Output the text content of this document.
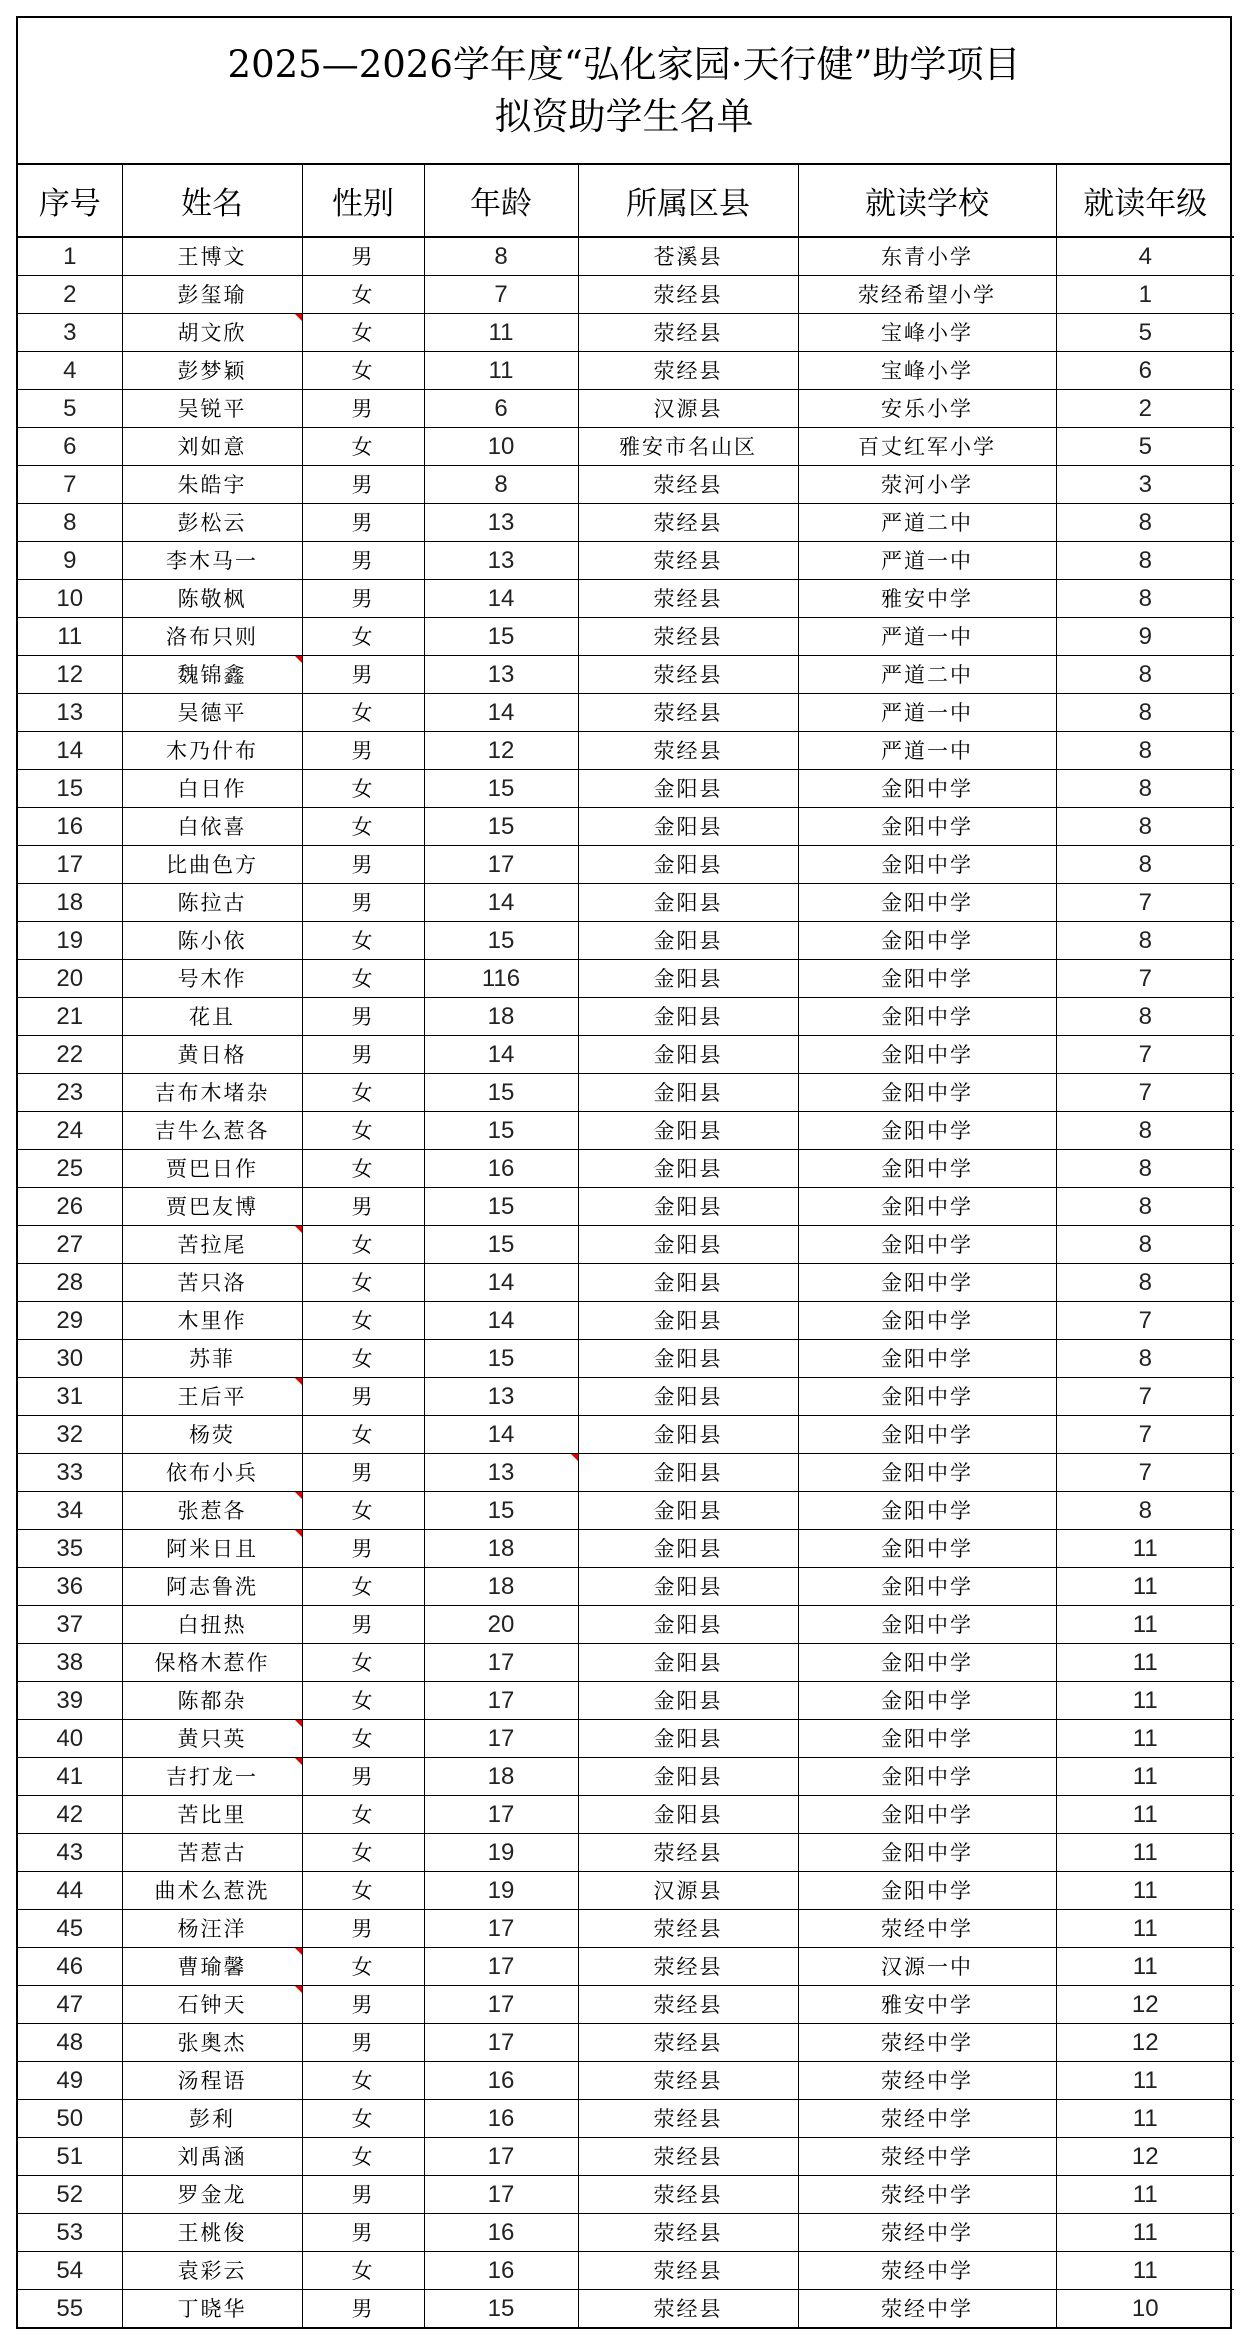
2025—2026学年度“弘化家园·天行健”助学项目
拟资助学生名单
序号	姓名	性别	年龄	所属区县	就读学校	就读年级
1	王博文	男	8	苍溪县	东青小学	4
2	彭玺瑜	女	7	荥经县	荥经希望小学	1
3	胡文欣	女	11	荥经县	宝峰小学	5
4	彭梦颖	女	11	荥经县	宝峰小学	6
5	吴锐平	男	6	汉源县	安乐小学	2
6	刘如意	女	10	雅安市名山区	百丈红军小学	5
7	朱皓宇	男	8	荥经县	荥河小学	3
8	彭松云	男	13	荥经县	严道二中	8
9	李木马一	男	13	荥经县	严道一中	8
10	陈敬枫	男	14	荥经县	雅安中学	8
11	洛布只则	女	15	荥经县	严道一中	9
12	魏锦鑫	男	13	荥经县	严道二中	8
13	吴德平	女	14	荥经县	严道一中	8
14	木乃什布	男	12	荥经县	严道一中	8
15	白日作	女	15	金阳县	金阳中学	8
16	白依喜	女	15	金阳县	金阳中学	8
17	比曲色方	男	17	金阳县	金阳中学	8
18	陈拉古	男	14	金阳县	金阳中学	7
19	陈小依	女	15	金阳县	金阳中学	8
20	号木作	女	116	金阳县	金阳中学	7
21	花且	男	18	金阳县	金阳中学	8
22	黄日格	男	14	金阳县	金阳中学	7
23	吉布木堵杂	女	15	金阳县	金阳中学	7
24	吉牛么惹各	女	15	金阳县	金阳中学	8
25	贾巴日作	女	16	金阳县	金阳中学	8
26	贾巴友博	男	15	金阳县	金阳中学	8
27	苦拉尾	女	15	金阳县	金阳中学	8
28	苦只洛	女	14	金阳县	金阳中学	8
29	木里作	女	14	金阳县	金阳中学	7
30	苏菲	女	15	金阳县	金阳中学	8
31	王后平	男	13	金阳县	金阳中学	7
32	杨荧	女	14	金阳县	金阳中学	7
33	依布小兵	男	13	金阳县	金阳中学	7
34	张惹各	女	15	金阳县	金阳中学	8
35	阿米日且	男	18	金阳县	金阳中学	11
36	阿志鲁洗	女	18	金阳县	金阳中学	11
37	白扭热	男	20	金阳县	金阳中学	11
38	保格木惹作	女	17	金阳县	金阳中学	11
39	陈都杂	女	17	金阳县	金阳中学	11
40	黄只英	女	17	金阳县	金阳中学	11
41	吉打龙一	男	18	金阳县	金阳中学	11
42	苦比里	女	17	金阳县	金阳中学	11
43	苦惹古	女	19	荥经县	金阳中学	11
44	曲术么惹洗	女	19	汉源县	金阳中学	11
45	杨汪洋	男	17	荥经县	荥经中学	11
46	曹瑜馨	女	17	荥经县	汉源一中	11
47	石钟天	男	17	荥经县	雅安中学	12
48	张奥杰	男	17	荥经县	荥经中学	12
49	汤程语	女	16	荥经县	荥经中学	11
50	彭利	女	16	荥经县	荥经中学	11
51	刘禹涵	女	17	荥经县	荥经中学	12
52	罗金龙	男	17	荥经县	荥经中学	11
53	王桃俊	男	16	荥经县	荥经中学	11
54	袁彩云	女	16	荥经县	荥经中学	11
55	丁晓华	男	15	荥经县	荥经中学	10
